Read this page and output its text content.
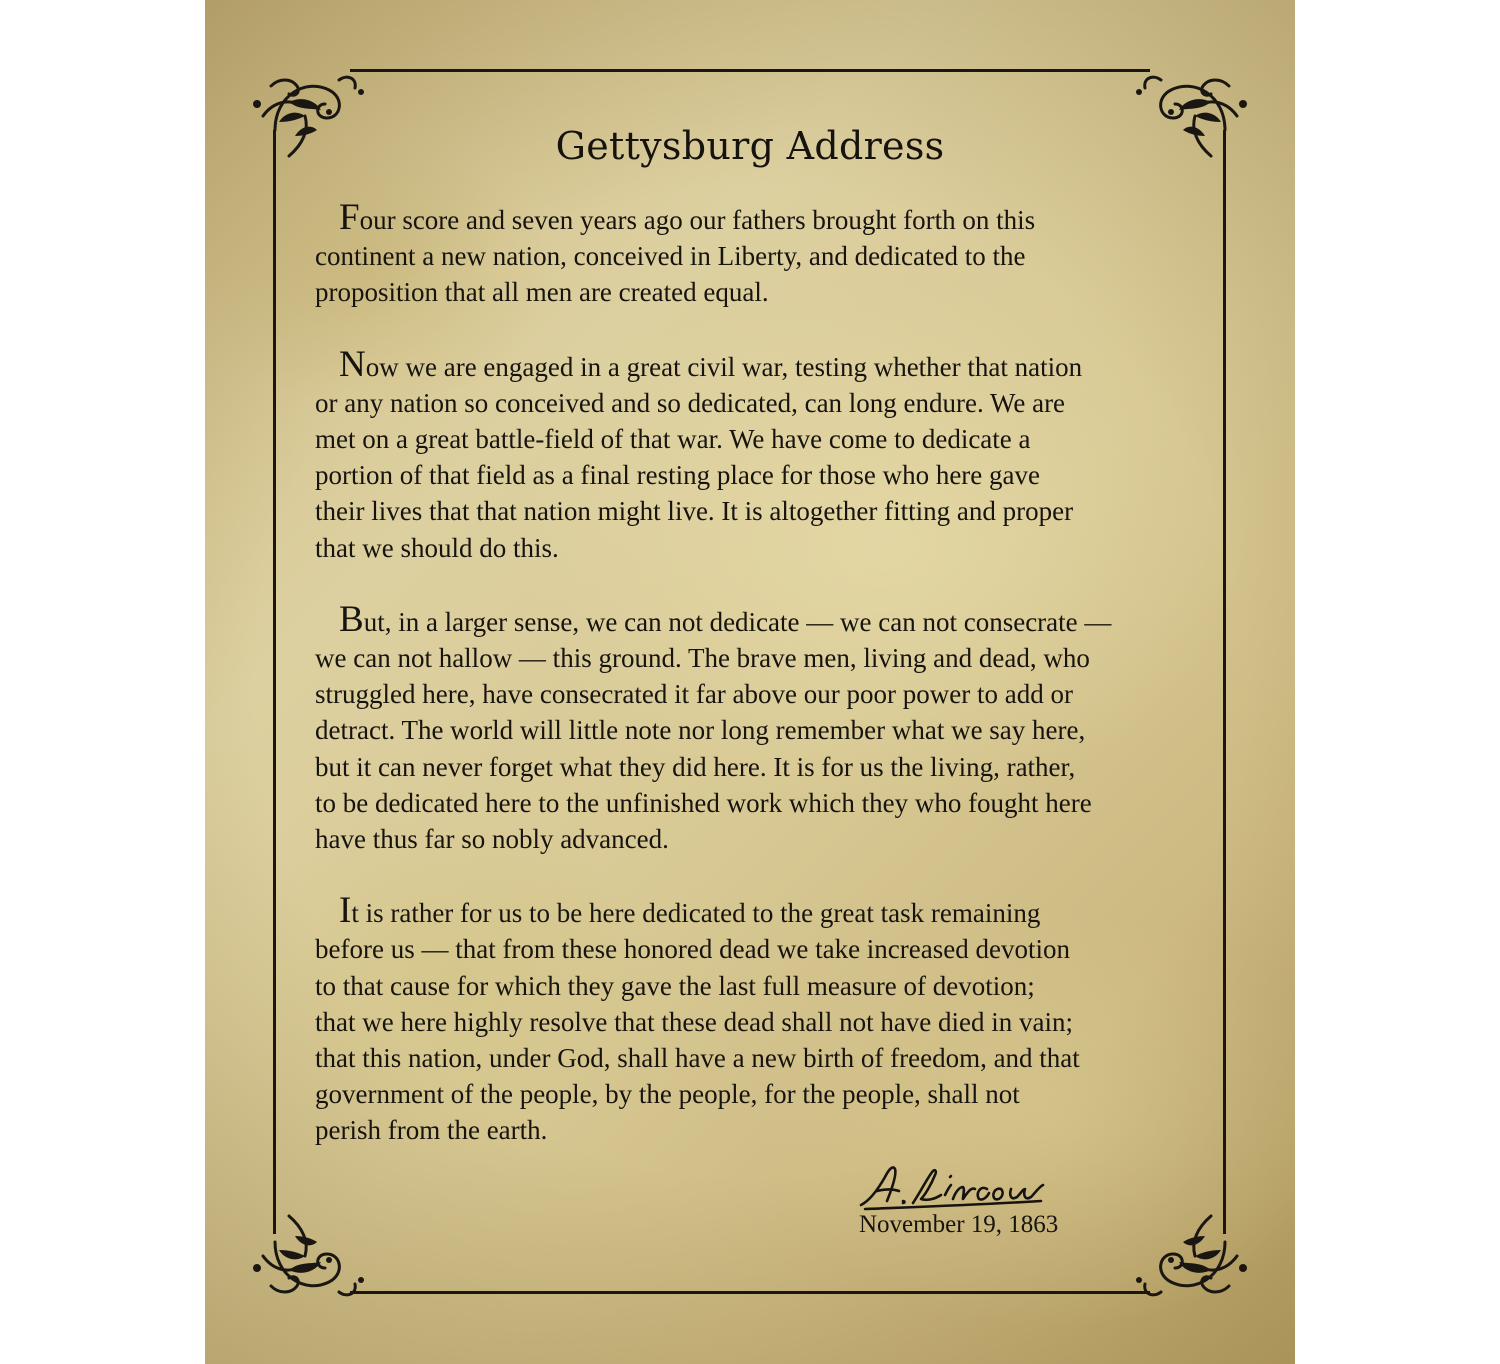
Gettysburg Address

Four score and seven years ago our fathers brought forth on this
continent a new nation, conceived in Liberty, and dedicated to the
proposition that all men are created equal.

Now we are engaged in a great civil war, testing whether that nation
or any nation so conceived and so dedicated, can long endure. We are
met on a great battle-field of that war. We have come to dedicate a
portion of that field as a final resting place for those who here gave
their lives that that nation might live. It is altogether fitting and proper
that we should do this.

But, in a larger sense, we can not dedicate — we can not consecrate —
we can not hallow — this ground. The brave men, living and dead, who
struggled here, have consecrated it far above our poor power to add or
detract. The world will little note nor long remember what we say here,
but it can never forget what they did here. It is for us the living, rather,
to be dedicated here to the unfinished work which they who fought here
have thus far so nobly advanced.

It is rather for us to be here dedicated to the great task remaining
before us — that from these honored dead we take increased devotion
to that cause for which they gave the last full measure of devotion;
that we here highly resolve that these dead shall not have died in vain;
that this nation, under God, shall have a new birth of freedom, and that
government of the people, by the people, for the people, shall not
perish from the earth.

November 19, 1863
